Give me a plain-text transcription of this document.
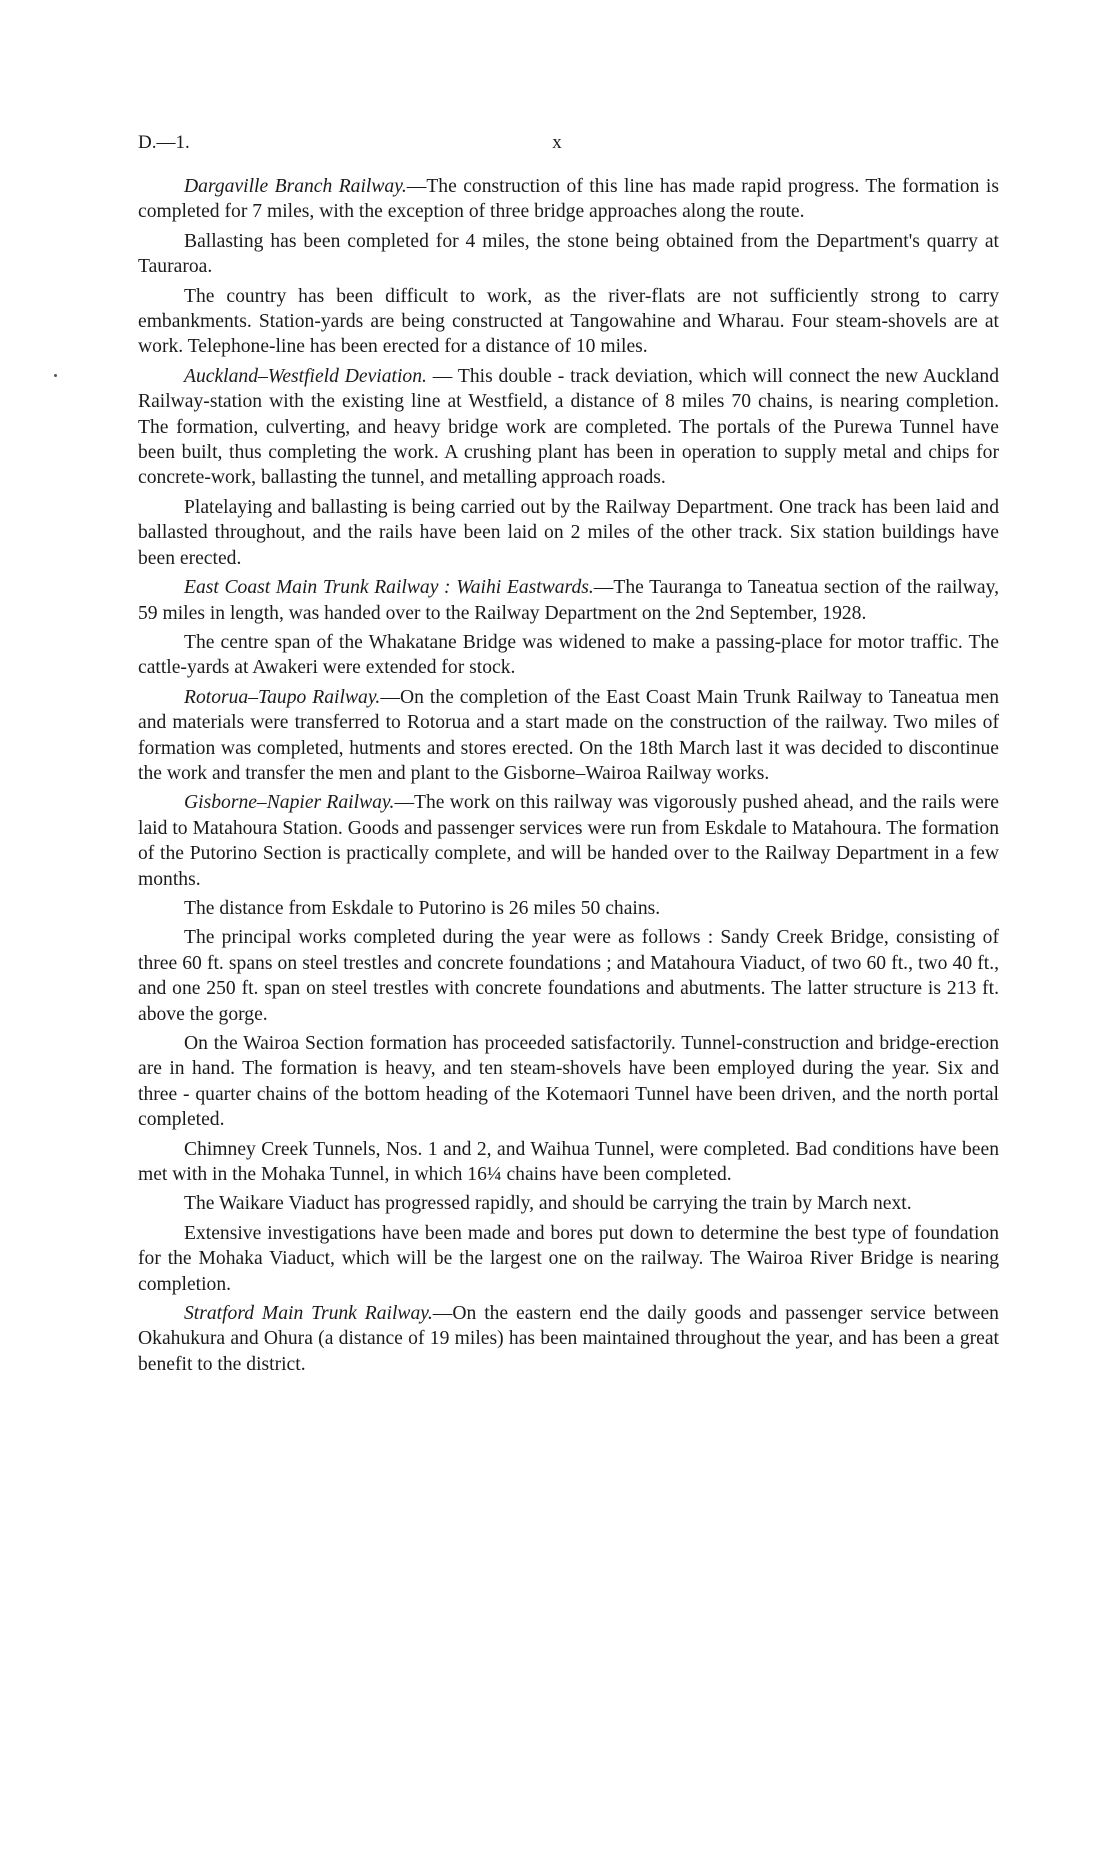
D.—1.	x

Dargaville Branch Railway.—The construction of this line has made rapid progress. The formation is completed for 7 miles, with the exception of three bridge approaches along the route.

Ballasting has been completed for 4 miles, the stone being obtained from the Department's quarry at Tauraroa.

The country has been difficult to work, as the river-flats are not sufficiently strong to carry embankments. Station-yards are being constructed at Tangowahine and Wharau. Four steam-shovels are at work. Telephone-line has been erected for a distance of 10 miles.

Auckland–Westfield Deviation. — This double - track deviation, which will connect the new Auckland Railway-station with the existing line at Westfield, a distance of 8 miles 70 chains, is nearing completion. The formation, culverting, and heavy bridge work are completed. The portals of the Purewa Tunnel have been built, thus completing the work. A crushing plant has been in operation to supply metal and chips for concrete-work, ballasting the tunnel, and metalling approach roads.

Platelaying and ballasting is being carried out by the Railway Department. One track has been laid and ballasted throughout, and the rails have been laid on 2 miles of the other track. Six station buildings have been erected.

East Coast Main Trunk Railway : Waihi Eastwards.—The Tauranga to Taneatua section of the railway, 59 miles in length, was handed over to the Railway Department on the 2nd September, 1928.

The centre span of the Whakatane Bridge was widened to make a passing-place for motor traffic. The cattle-yards at Awakeri were extended for stock.

Rotorua–Taupo Railway.—On the completion of the East Coast Main Trunk Railway to Taneatua men and materials were transferred to Rotorua and a start made on the construction of the railway. Two miles of formation was completed, hutments and stores erected. On the 18th March last it was decided to discontinue the work and transfer the men and plant to the Gisborne–Wairoa Railway works.

Gisborne–Napier Railway.—The work on this railway was vigorously pushed ahead, and the rails were laid to Matahoura Station. Goods and passenger services were run from Eskdale to Matahoura. The formation of the Putorino Section is practically complete, and will be handed over to the Railway Department in a few months.

The distance from Eskdale to Putorino is 26 miles 50 chains.

The principal works completed during the year were as follows : Sandy Creek Bridge, consisting of three 60 ft. spans on steel trestles and concrete foundations ; and Matahoura Viaduct, of two 60 ft., two 40 ft., and one 250 ft. span on steel trestles with concrete foundations and abutments. The latter structure is 213 ft. above the gorge.

On the Wairoa Section formation has proceeded satisfactorily. Tunnel-construction and bridge-erection are in hand. The formation is heavy, and ten steam-shovels have been employed during the year. Six and three - quarter chains of the bottom heading of the Kotemaori Tunnel have been driven, and the north portal completed.

Chimney Creek Tunnels, Nos. 1 and 2, and Waihua Tunnel, were completed. Bad conditions have been met with in the Mohaka Tunnel, in which 16¼ chains have been completed.

The Waikare Viaduct has progressed rapidly, and should be carrying the train by March next.

Extensive investigations have been made and bores put down to determine the best type of foundation for the Mohaka Viaduct, which will be the largest one on the railway. The Wairoa River Bridge is nearing completion.

Stratford Main Trunk Railway.—On the eastern end the daily goods and passenger service between Okahukura and Ohura (a distance of 19 miles) has been maintained throughout the year, and has been a great benefit to the district.
